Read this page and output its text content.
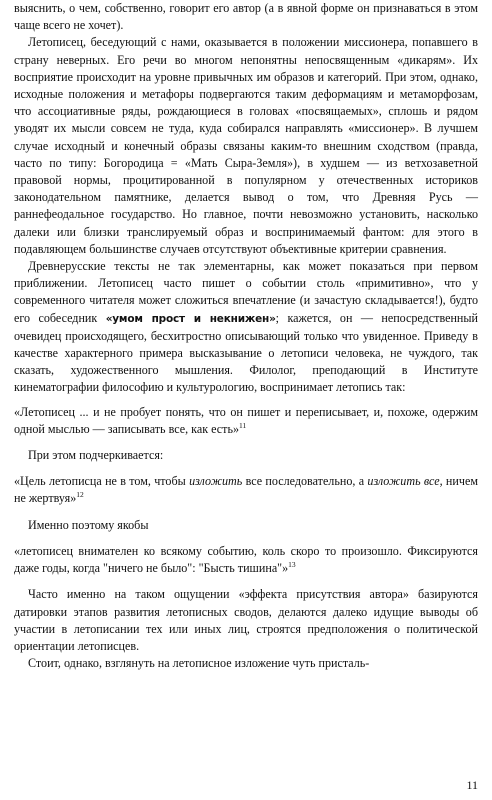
выяснить, о чем, собственно, говорит его автор (а в явной форме он признаваться в этом чаще всего не хочет).

Летописец, беседующий с нами, оказывается в положении миссионера, попавшего в страну неверных. Его речи во многом непонятны непосвященным «дикарям». Их восприятие происходит на уровне привычных им образов и категорий. При этом, однако, исходные положения и метафоры подвергаются таким деформациям и метаморфозам, что ассоциативные ряды, рождающиеся в головах «посвящаемых», сплошь и рядом уводят их мысли совсем не туда, куда собирался направлять «миссионер». В лучшем случае исходный и конечный образы связаны каким-то внешним сходством (правда, часто по типу: Богородица = «Мать Сыра-Земля»), в худшем — из ветхозаветной правовой нормы, процитированной в популярном у отечественных историков законодательном памятнике, делается вывод о том, что Древняя Русь — раннефеодальное государство. Но главное, почти невозможно установить, насколько далеки или близки транслируемый образ и воспринимаемый фантом: для этого в подавляющем большинстве случаев отсутствуют объективные критерии сравнения.

Древнерусские тексты не так элементарны, как может показаться при первом приближении. Летописец часто пишет о событии столь «примитивно», что у современного читателя может сложиться впечатление (и зачастую складывается!), будто его собеседник «умом прост и некнижен»; кажется, он — непосредственный очевидец происходящего, бесхитростно описывающий только что увиденное. Приведу в качестве характерного примера высказывание о летописи человека, не чуждого, так сказать, художественного мышления. Филолог, преподающий в Институте кинематографии философию и культурологию, воспринимает летопись так:

«Летописец ... и не пробует понять, что он пишет и переписывает, и, похоже, одержим одной мыслью — записывать все, как есть»$^{11}$

При этом подчеркивается:

«Цель летописца не в том, чтобы изложить все последовательно, а изложить все, ничем не жертвуя»$^{12}$

Именно поэтому якобы

«летописец внимателен ко всякому событию, коль скоро то произошло. Фиксируются даже годы, когда "ничего не было": "Бысть тишина"»$^{13}$

Часто именно на таком ощущении «эффекта присутствия автора» базируются датировки этапов развития летописных сводов, делаются далеко идущие выводы об участии в летописании тех или иных лиц, строятся предположения о политической ориентации летописцев.

Стоит, однако, взглянуть на летописное изложение чуть присталь-

11
